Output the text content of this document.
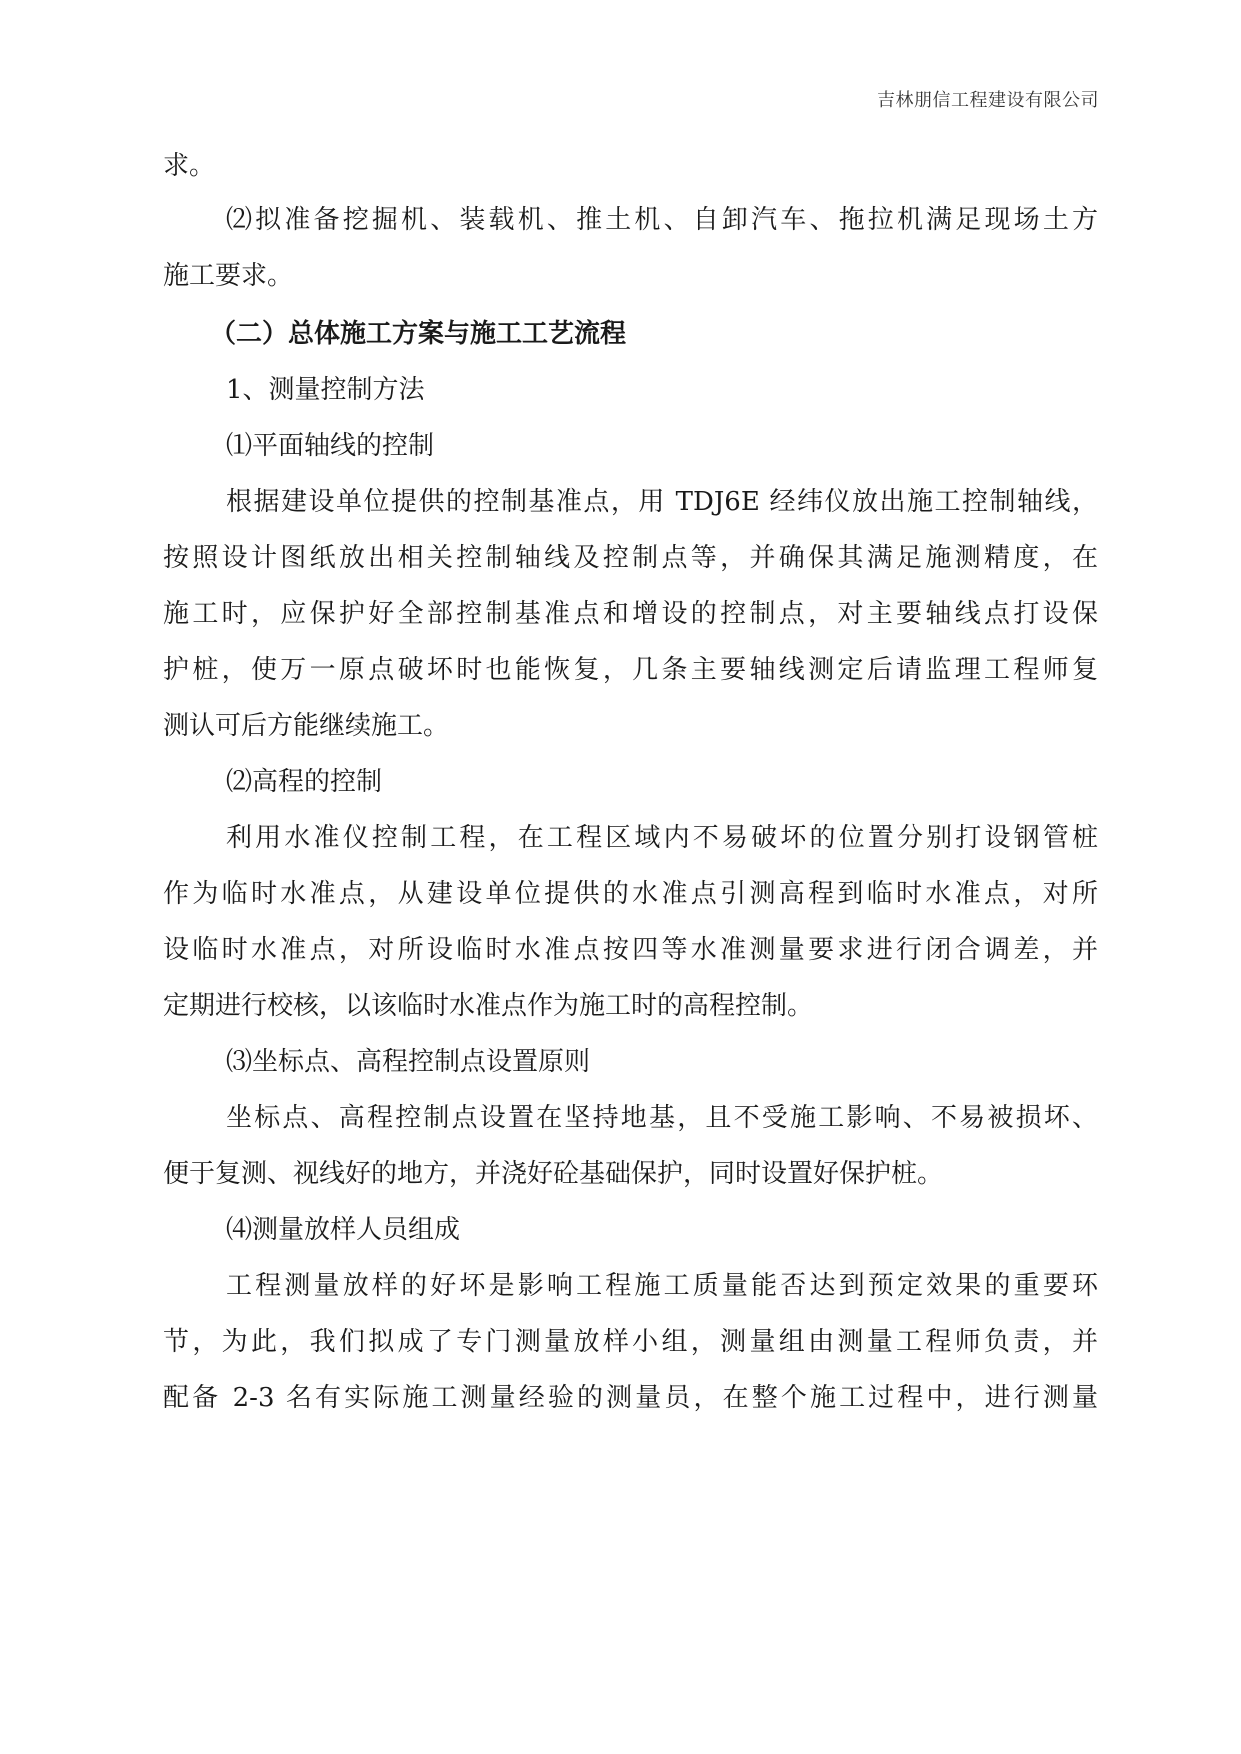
吉林朋信工程建设有限公司
求。
⑵拟准备挖掘机、装载机、推土机、自卸汽车、拖拉机满足现场土方
施工要求。
（二）总体施工方案与施工工艺流程
1、测量控制方法
⑴平面轴线的控制
根据建设单位提供的控制基准点，用 TDJ6E 经纬仪放出施工控制轴线，
按照设计图纸放出相关控制轴线及控制点等，并确保其满足施测精度，在
施工时，应保护好全部控制基准点和增设的控制点，对主要轴线点打设保
护桩，使万一原点破坏时也能恢复，几条主要轴线测定后请监理工程师复
测认可后方能继续施工。
⑵高程的控制
利用水准仪控制工程，在工程区域内不易破坏的位置分别打设钢管桩
作为临时水准点，从建设单位提供的水准点引测高程到临时水准点，对所
设临时水准点，对所设临时水准点按四等水准测量要求进行闭合调差，并
定期进行校核，以该临时水准点作为施工时的高程控制。
⑶坐标点、高程控制点设置原则
坐标点、高程控制点设置在坚持地基，且不受施工影响、不易被损坏、
便于复测、视线好的地方，并浇好砼基础保护，同时设置好保护桩。
⑷测量放样人员组成
工程测量放样的好坏是影响工程施工质量能否达到预定效果的重要环
节，为此，我们拟成了专门测量放样小组，测量组由测量工程师负责，并
配备 2-3 名有实际施工测量经验的测量员，在整个施工过程中，进行测量
